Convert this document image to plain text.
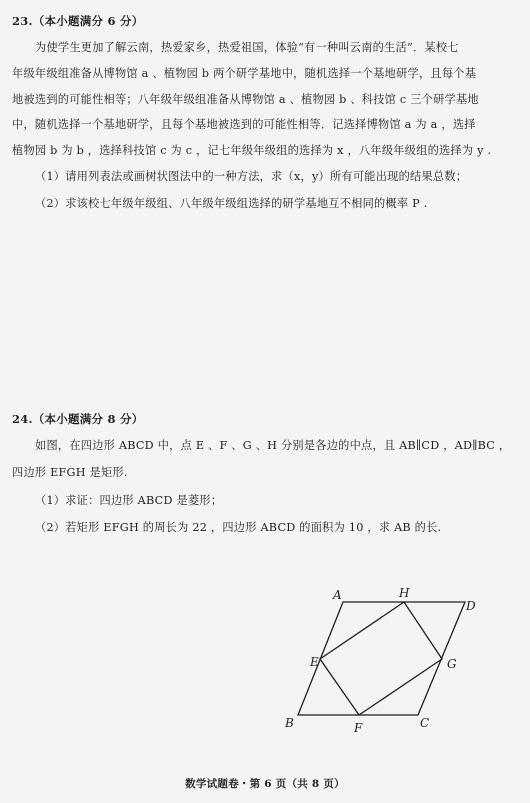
23.（本小题满分 6 分）
为使学生更加了解云南，热爱家乡，热爱祖国，体验“有一种叫云南的生活”．某校七
年级年级组准备从博物馆 a 、植物园 b 两个研学基地中，随机选择一个基地研学，且每个基
地被选到的可能性相等；八年级年级组准备从博物馆 a 、植物园 b 、科技馆 c 三个研学基地
中，随机选择一个基地研学，且每个基地被选到的可能性相等．记选择博物馆 a 为 a ，选择
植物园 b 为 b ，选择科技馆 c 为 c ，记七年级年级组的选择为 x ，八年级年级组的选择为 y .
（1）请用列表法或画树状图法中的一种方法，求（x，y）所有可能出现的结果总数；
（2）求该校七年级年级组、八年级年级组选择的研学基地互不相同的概率 P .
24.（本小题满分 8 分）
如图，在四边形 ABCD 中，点 E 、F 、G 、H 分别是各边的中点，且 AB∥CD ，AD∥BC ，
四边形 EFGH 是矩形.
（1）求证：四边形 ABCD 是菱形；
（2）若矩形 EFGH 的周长为 22 ，四边形 ABCD 的面积为 10 ，求 AB 的长.
A	H
D
E	G
B	F	C
数学试题卷・第 6 页（共 8 页）
